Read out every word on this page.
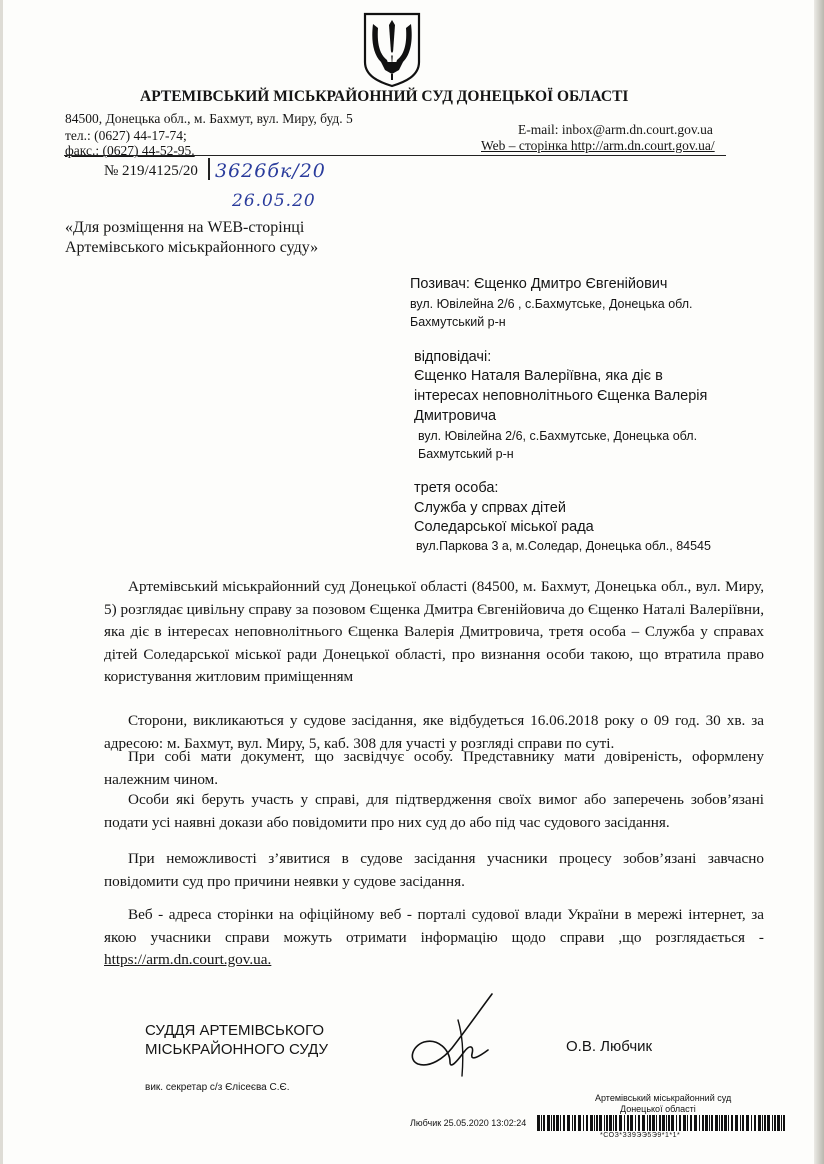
АРТЕМІВСЬКИЙ МІСЬКРАЙОННИЙ СУД ДОНЕЦЬКОЇ ОБЛАСТІ
84500, Донецька обл., м. Бахмут, вул. Миру, буд. 5
тел.: (0627) 44-17-74;
факс.: (0627) 44-52-95.
E-mail: inbox@arm.dn.court.gov.ua
Web – сторінка http://arm.dn.court.gov.ua/
№ 219/4125/20 3626бк/20
26.05.20
«Для розміщення на WEB-сторінці
Артемівського міськрайонного суду»
Позивач: Єщенко Дмитро Євгенійович
вул. Ювілейна 2/6 , с.Бахмутське, Донецька обл.
Бахмутський р-н
відповідачі:
Єщенко Наталя Валеріївна, яка діє в
інтересах неповнолітнього Єщенка Валерія
Дмитровича
вул. Ювілейна 2/6, с.Бахмутське, Донецька обл.
Бахмутський р-н
третя особа:
Служба у спрвах дітей
Соледарської міської рада
вул.Паркова 3 а, м.Соледар, Донецька обл., 84545
Артемівський міськрайонний суд Донецької області (84500, м. Бахмут, Донецька обл., вул. Миру, 5) розглядає цивільну справу за позовом Єщенка Дмитра Євгенійовича до Єщенко Наталі Валеріївни, яка діє в інтересах неповнолітнього Єщенка Валерія Дмитровича, третя особа – Служба у справах дітей Соледарської міської ради Донецької області, про визнання особи такою, що втратила право користування житловим приміщенням
Сторони, викликаються у судове засідання, яке відбудеться 16.06.2018 року о 09 год. 30 хв. за адресою: м. Бахмут, вул. Миру, 5, каб. 308 для участі у розгляді справи по суті.
При собі мати документ, що засвідчує особу. Представнику мати довіреність, оформлену належним чином.
Особи які беруть участь у справі, для підтвердження своїх вимог або заперечень зобов’язані подати усі наявні докази або повідомити про них суд до або під час судового засідання.
При неможливості з’явитися в судове засідання учасники процесу зобов’язані завчасно повідомити суд про причини неявки у судове засідання.
Веб - адреса сторінки на офіційному веб - порталі судової влади України в мережі інтернет, за якою учасники справи можуть отримати інформацію щодо справи ,що розглядається - https://arm.dn.court.gov.ua.
СУДДЯ АРТЕМІВСЬКОГО
МІСЬКРАЙОННОГО СУДУ	О.В. Любчик
вик. секретар с/з Єлісеєва С.Є.
Артемівський міськрайонний суд
Донецької області
Любчик 25.05.2020 13:02:24
*СОЗ*ЗЗ9ЭЭ5Э9*1*1*
